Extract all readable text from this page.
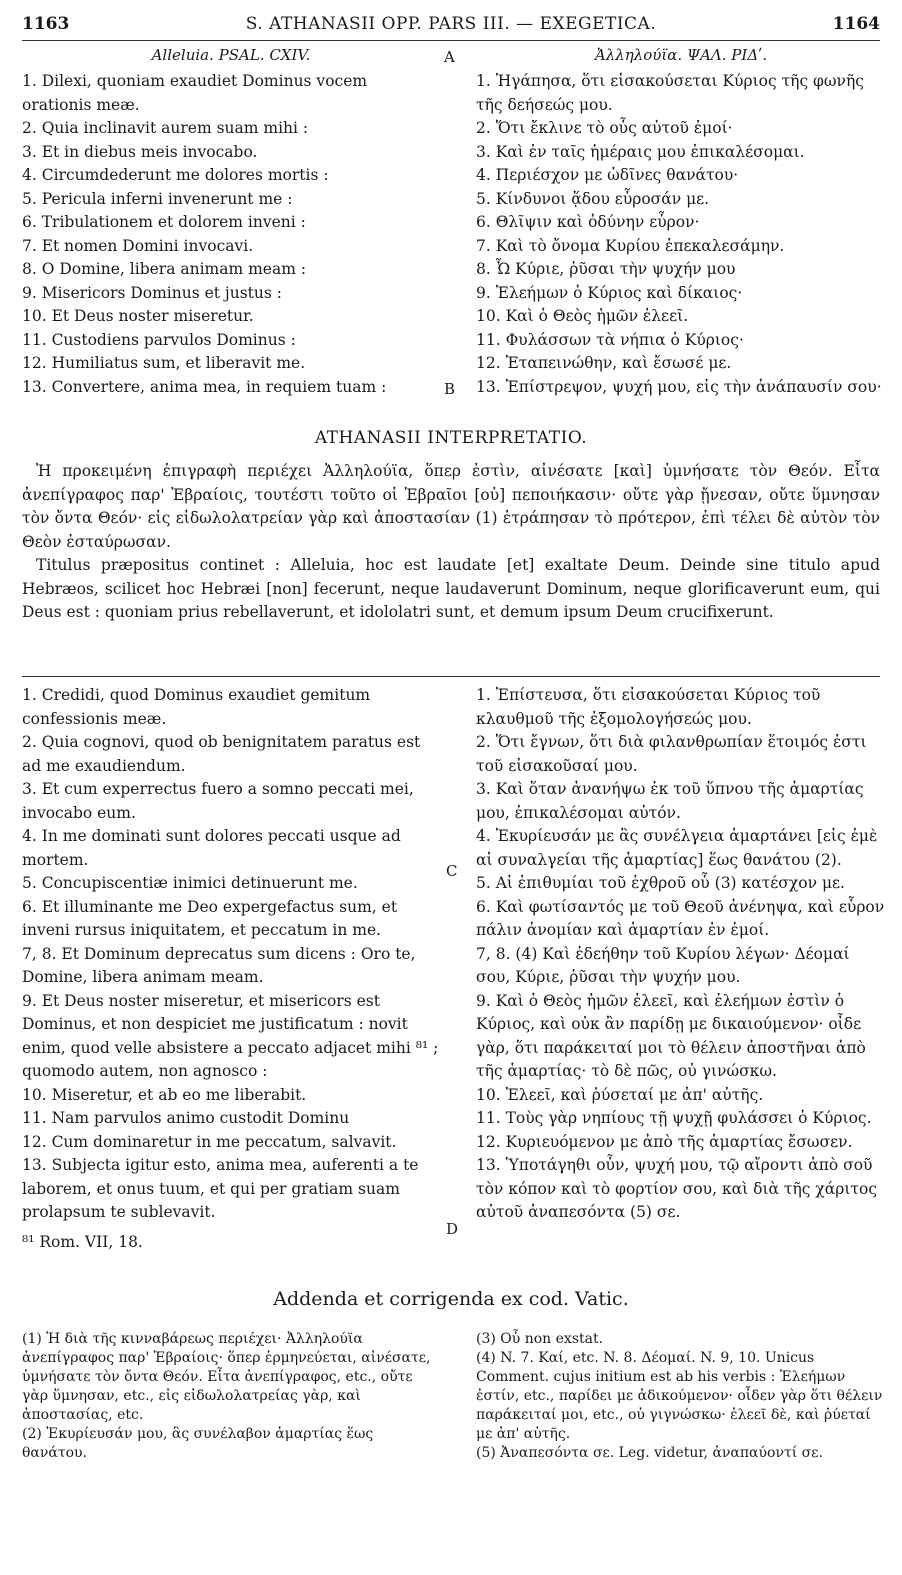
1163	S. ATHANASII OPP. PARS III. — EXEGETICA.	1164
Alleluia. PSAL. CXIV.	Ἀλληλούϊα. ΨΑΛ. ΡΙΔʹ.
A
1. Dilexi, quoniam exaudiet Dominus vocem
orationis meæ.
2. Quia inclinavit aurem suam mihi :
3. Et in diebus meis invocabo.
4. Circumdederunt me dolores mortis :
5. Pericula inferni invenerunt me :
6. Tribulationem et dolorem inveni :
7. Et nomen Domini invocavi.
8. O Domine, libera animam meam :
9. Misericors Dominus et justus :
10. Et Deus noster miseretur.
11. Custodiens parvulos Dominus :
12. Humiliatus sum, et liberavit me.
13. Convertere, anima mea, in requiem tuam :
1. Ἠγάπησα, ὅτι εἰσακούσεται Κύριος τῆς φωνῆς
τῆς δεήσεώς μου.
2. Ὅτι ἔκλινε τὸ οὖς αὐτοῦ ἐμοί·
3. Καὶ ἐν ταῖς ἡμέραις μου ἐπικαλέσομαι.
4. Περιέσχον με ὠδῖνες θανάτου·
5. Κίνδυνοι ᾅδου εὗροσάν με.
6. Θλῖψιν καὶ ὀδύνην εὗρον·
7. Καὶ τὸ ὄνομα Κυρίου ἐπεκαλεσάμην.
8. Ὦ Κύριε, ῥῦσαι τὴν ψυχήν μου
9. Ἐλεήμων ὁ Κύριος καὶ δίκαιος·
10. Καὶ ὁ Θεὸς ἡμῶν ἐλεεῖ.
11. Φυλάσσων τὰ νήπια ὁ Κύριος·
12. Ἐταπεινώθην, καὶ ἔσωσέ με.
13. Ἐπίστρεψον, ψυχή μου, εἰς τὴν ἀνάπαυσίν σου·
B
ATHANASII INTERPRETATIO.

Ἡ προκειμένη ἐπιγραφὴ περιέχει Ἀλληλούϊα, ὅπερ ἐστὶν, αἰνέσατε [καὶ] ὑμνήσατε τὸν Θεόν. Εἶτα ἀνεπίγραφος παρ' Ἑβραίοις, τουτέστι τοῦτο οἱ Ἑβραῖοι [οὐ] πεποιήκασιν· οὔτε γὰρ ᾔνεσαν, οὔτε ὕμνησαν τὸν ὄντα Θεόν· εἰς εἰδωλολατρείαν γὰρ καὶ ἀποστασίαν (1) ἐτράπησαν τὸ πρότερον, ἐπὶ τέλει δὲ αὐτὸν τὸν Θεὸν ἐσταύρωσαν.

Titulus præpositus continet : Alleluia, hoc est laudate [et] exaltate Deum. Deinde sine titulo apud Hebræos, scilicet hoc Hebræi [non] fecerunt, neque laudaverunt Dominum, neque glorificaverunt eum, qui Deus est : quoniam prius rebellaverunt, et idololatri sunt, et demum ipsum Deum crucifixerunt.

1. Credidi, quod Dominus exaudiet gemitum confessionis meæ.
2. Quia cognovi, quod ob benignitatem paratus est ad me exaudiendum.
3. Et cum experrectus fuero a somno peccati mei, invocabo eum.
4. In me dominati sunt dolores peccati usque ad mortem.
5. Concupiscentiæ inimici detinuerunt me.
6. Et illuminante me Deo expergefactus sum, et inveni rursus iniquitatem, et peccatum in me.
7, 8. Et Dominum deprecatus sum dicens : Oro te, Domine, libera animam meam.
9. Et Deus noster miseretur, et misericors est Dominus, et non despiciet me justificatum : novit enim, quod velle absistere a peccato adjacet mihi ⁸¹ ; quomodo autem, non agnosco :
10. Miseretur, et ab eo me liberabit.
11. Nam parvulos animo custodit Dominu
12. Cum dominaretur in me peccatum, salvavit.
13. Subjecta igitur esto, anima mea, auferenti a te laborem, et onus tuum, et qui per gratiam suam prolapsum te sublevavit.
⁸¹ Rom. VII, 18.
C
1. Ἐπίστευσα, ὅτι εἰσακούσεται Κύριος τοῦ κλαυθμοῦ τῆς ἐξομολογήσεώς μου.
2. Ὅτι ἔγνων, ὅτι διὰ φιλανθρωπίαν ἕτοιμός ἐστι τοῦ εἰσακοῦσαί μου.
3. Καὶ ὅταν ἀνανήψω ἐκ τοῦ ὕπνου τῆς ἁμαρτίας μου, ἐπικαλέσομαι αὐτόν.
4. Ἐκυρίευσάν με ἃς συνέλγεια ἁμαρτάνει [εἰς ἐμὲ αἱ συναλγείαι τῆς ἁμαρτίας] ἕως θανάτου (2).
5. Αἱ ἐπιθυμίαι τοῦ ἐχθροῦ οὗ (3) κατέσχον με.
6. Καὶ φωτίσαντός με τοῦ Θεοῦ ἀνένηψα, καὶ εὗρον πάλιν ἀνομίαν καὶ ἁμαρτίαν ἐν ἐμοί.
7, 8. (4) Καὶ ἐδεήθην τοῦ Κυρίου λέγων· Δέομαί σου, Κύριε, ῥῦσαι τὴν ψυχήν μου.
9. Καὶ ὁ Θεὸς ἡμῶν ἐλεεῖ, καὶ ἐλεήμων ἐστὶν ὁ Κύριος, καὶ οὐκ ἂν παρίδῃ με δικαιούμενον· οἶδε γὰρ, ὅτι παράκειταί μοι τὸ θέλειν ἀποστῆναι ἀπὸ τῆς ἁμαρτίας· τὸ δὲ πῶς, οὐ γινώσκω.
10. Ἐλεεῖ, καὶ ῥύσεταί με ἀπ' αὐτῆς.
11. Τοὺς γὰρ νηπίους τῇ ψυχῇ φυλάσσει ὁ Κύριος.
12. Κυριευόμενον με ἀπὸ τῆς ἁμαρτίας ἔσωσεν.
13. Ὑποτάγηθι οὖν, ψυχή μου, τῷ αἴροντι ἀπὸ σοῦ τὸν κόπον καὶ τὸ φορτίον σου, καὶ διὰ τῆς χάριτος αὐτοῦ ἀναπεσόντα (5) σε.
D
Addenda et corrigenda ex cod. Vatic.
(1) Ἡ διὰ τῆς κινναβάρεως περιέχει· Ἀλληλούϊα ἀνεπίγραφος παρ' Ἑβραίοις· ὅπερ ἑρμηνεύεται, αἰνέσατε, ὑμνήσατε τὸν ὄντα Θεόν. Εἶτα ἀνεπίγραφος, etc., οὔτε γὰρ ὕμνησαν, etc., εἰς εἰδωλολατρείας γὰρ, καὶ ἀποστασίας, etc.
(2) Ἐκυρίευσάν μου, ἃς συνέλαβον ἁμαρτίας ἕως θανάτου.
(3) Οὗ non exstat.
(4) N. 7. Καί, etc. N. 8. Δέομαί. N. 9, 10. Unicus Comment. cujus initium est ab his verbis : Ἐλεήμων ἐστίν, etc., παρίδει με ἀδικούμενον· οἶδεν γὰρ ὅτι θέλειν παράκειταί μοι, etc., οὐ γιγνώσκω· ἐλεεῖ δὲ, καὶ ῥύεταί με ἀπ' αὐτῆς.
(5) Ἀναπεσόντα σε. Leg. videtur, ἀναπαύοντί σε.
